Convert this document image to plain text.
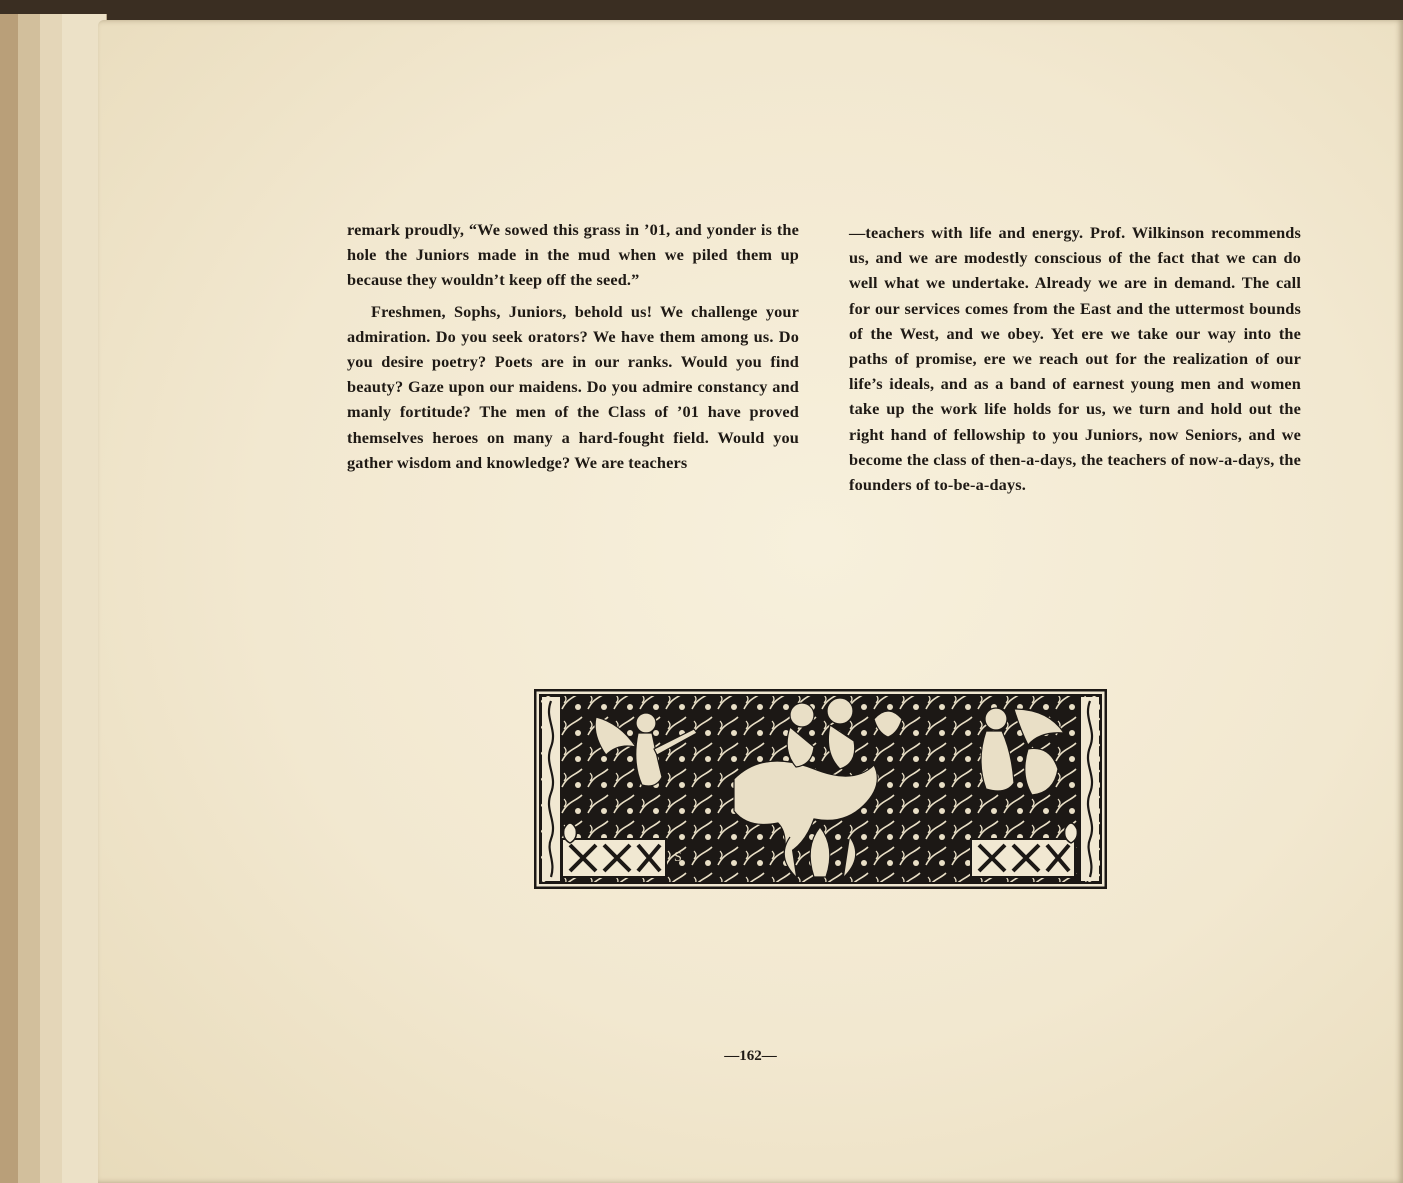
remark proudly, “We sowed this grass in ’01, and yonder is the hole the Juniors made in the mud when we piled them up because they wouldn’t keep off the seed.”

Freshmen, Sophs, Juniors, behold us! We challenge your admiration. Do you seek orators? We have them among us. Do you desire poetry? Poets are in our ranks. Would you find beauty? Gaze upon our maidens. Do you admire constancy and manly fortitude? The men of the Class of ’01 have proved themselves heroes on many a hard-fought field. Would you gather wisdom and knowledge? We are teachers

—teachers with life and energy. Prof. Wilkinson recommends us, and we are modestly conscious of the fact that we can do well what we undertake. Already we are in demand. The call for our services comes from the East and the uttermost bounds of the West, and we obey. Yet ere we take our way into the paths of promise, ere we reach out for the realization of our life’s ideals, and as a band of earnest young men and women take up the work life holds for us, we turn and hold out the right hand of fellowship to you Juniors, now Seniors, and we become the class of then-a-days, the teachers of now-a-days, the founders of to-be-a-days.

S
—162—
